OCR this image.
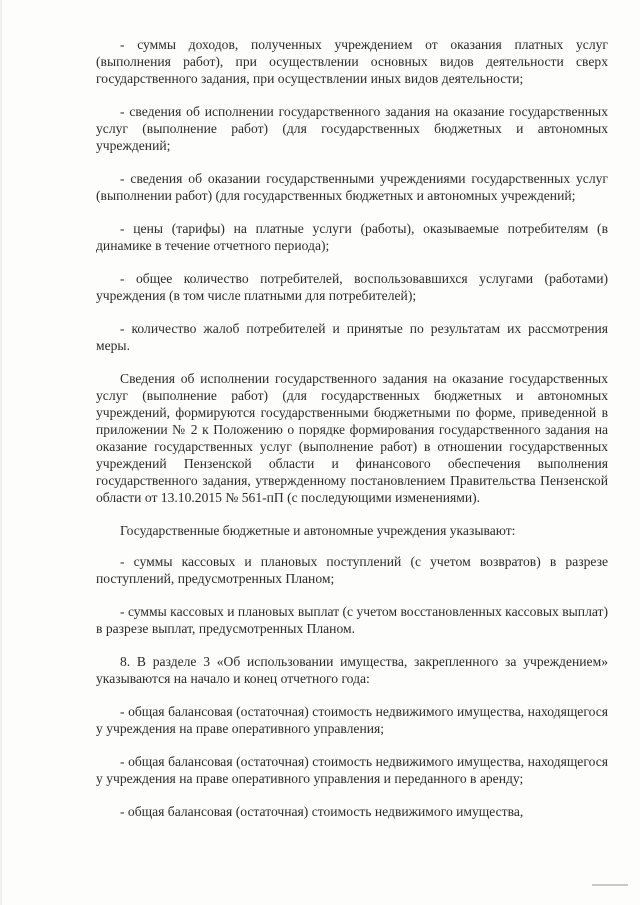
- суммы доходов, полученных учреждением от оказания платных услуг (выполнения работ), при осуществлении основных видов деятельности сверх государственного задания, при осуществлении иных видов деятельности;

- сведения об исполнении государственного задания на оказание государственных услуг (выполнение работ) (для государственных бюджетных и автономных учреждений;

- сведения об оказании государственными учреждениями государственных услуг (выполнении работ) (для государственных бюджетных и автономных учреждений;

- цены (тарифы) на платные услуги (работы), оказываемые потребителям (в динамике в течение отчетного периода);

- общее количество потребителей, воспользовавшихся услугами (работами) учреждения (в том числе платными для потребителей);

- количество жалоб потребителей и принятые по результатам их рассмотрения меры.

Сведения об исполнении государственного задания на оказание государственных услуг (выполнение работ) (для государственных бюджетных и автономных учреждений, формируются государственными бюджетными по форме, приведенной в приложении № 2 к Положению о порядке формирования государственного задания на оказание государственных услуг (выполнение работ) в отношении государственных учреждений Пензенской области и финансового обеспечения выполнения государственного задания, утвержденному постановлением Правительства Пензенской области от 13.10.2015 № 561-пП (с последующими изменениями).

Государственные бюджетные и автономные учреждения указывают:

- суммы кассовых и плановых поступлений (с учетом возвратов) в разрезе поступлений, предусмотренных Планом;

- суммы кассовых и плановых выплат (с учетом восстановленных кассовых выплат) в разрезе выплат, предусмотренных Планом.

8. В разделе 3 «Об использовании имущества, закрепленного за учреждением» указываются на начало и конец отчетного года:

- общая балансовая (остаточная) стоимость недвижимого имущества, находящегося у учреждения на праве оперативного управления;

- общая балансовая (остаточная) стоимость недвижимого имущества, находящегося у учреждения на праве оперативного управления и переданного в аренду;

- общая балансовая (остаточная) стоимость недвижимого имущества,
